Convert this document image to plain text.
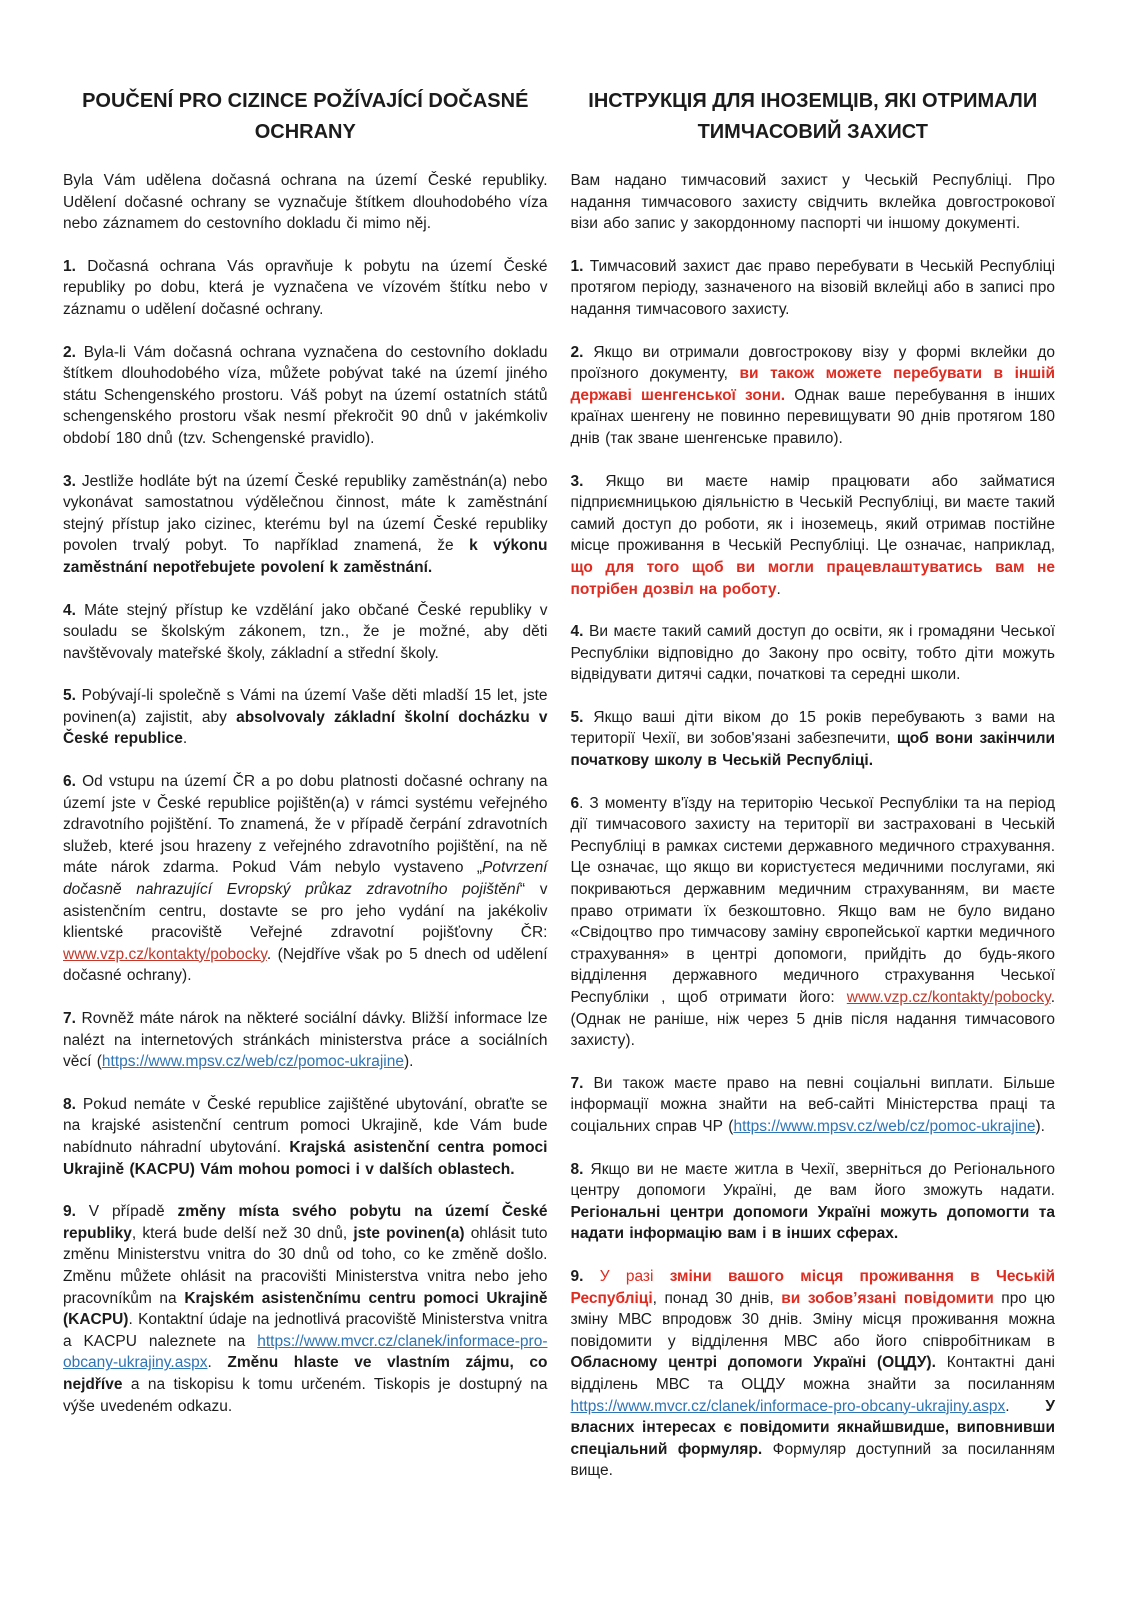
POUČENÍ PRO CIZINCE POŽÍVAJÍCÍ DOČASNÉ OCHRANY

Byla Vám udělena dočasná ochrana na území České republiky. Udělení dočasné ochrany se vyznačuje štítkem dlouhodobého víza nebo záznamem do cestovního dokladu či mimo něj.

1. Dočasná ochrana Vás opravňuje k pobytu na území České republiky po dobu, která je vyznačena ve vízovém štítku nebo v záznamu o udělení dočasné ochrany.

2. Byla-li Vám dočasná ochrana vyznačena do cestovního dokladu štítkem dlouhodobého víza, můžete pobývat také na území jiného státu Schengenského prostoru. Váš pobyt na území ostatních států schengenského prostoru však nesmí překročit 90 dnů v jakémkoliv období 180 dnů (tzv. Schengenské pravidlo).

3. Jestliže hodláte být na území České republiky zaměstnán(a) nebo vykonávat samostatnou výdělečnou činnost, máte k zaměstnání stejný přístup jako cizinec, kterému byl na území České republiky povolen trvalý pobyt. To například znamená, že k výkonu zaměstnání nepotřebujete povolení k zaměstnání.

4. Máte stejný přístup ke vzdělání jako občané České republiky v souladu se školským zákonem, tzn., že je možné, aby děti navštěvovaly mateřské školy, základní a střední školy.

5. Pobývají-li společně s Vámi na území Vaše děti mladší 15 let, jste povinen(a) zajistit, aby absolvovaly základní školní docházku v České republice.

6. Od vstupu na území ČR a po dobu platnosti dočasné ochrany na území jste v České republice pojištěn(a) v rámci systému veřejného zdravotního pojištění. To znamená, že v případě čerpání zdravotních služeb, které jsou hrazeny z veřejného zdravotního pojištění, na ně máte nárok zdarma. Pokud Vám nebylo vystaveno „Potvrzení dočasně nahrazující Evropský průkaz zdravotního pojištění“ v asistenčním centru, dostavte se pro jeho vydání na jakékoliv klientské pracoviště Veřejné zdravotní pojišťovny ČR: www.vzp.cz/kontakty/pobocky. (Nejdříve však po 5 dnech od udělení dočasné ochrany).

7. Rovněž máte nárok na některé sociální dávky. Bližší informace lze nalézt na internetových stránkách ministerstva práce a sociálních věcí (https://www.mpsv.cz/web/cz/pomoc-ukrajine).

8. Pokud nemáte v České republice zajištěné ubytování, obraťte se na krajské asistenční centrum pomoci Ukrajině, kde Vám bude nabídnuto náhradní ubytování. Krajská asistenční centra pomoci Ukrajině (KACPU) Vám mohou pomoci i v dalších oblastech.

9. V případě změny místa svého pobytu na území České republiky, která bude delší než 30 dnů, jste povinen(a) ohlásit tuto změnu Ministerstvu vnitra do 30 dnů od toho, co ke změně došlo. Změnu můžete ohlásit na pracovišti Ministerstva vnitra nebo jeho pracovníkům na Krajském asistenčnímu centru pomoci Ukrajině (KACPU). Kontaktní údaje na jednotlivá pracoviště Ministerstva vnitra a KACPU naleznete na https://www.mvcr.cz/clanek/informace-pro-obcany-ukrajiny.aspx. Změnu hlaste ve vlastním zájmu, co nejdříve a na tiskopisu k tomu určeném. Tiskopis je dostupný na výše uvedeném odkazu.

ІНСТРУКЦІЯ ДЛЯ ІНОЗЕМЦІВ, ЯКІ ОТРИМАЛИ ТИМЧАСОВИЙ ЗАХИСТ

Вам надано тимчасовий захист у Чеській Республіці. Про надання тимчасового захисту свідчить вклейка довгострокової візи або запис у закордонному паспорті чи іншому документі.

1. Тимчасовий захист дає право перебувати в Чеській Республіці протягом періоду, зазначеного на візовій вклейці або в записі про надання тимчасового захисту.

2. Якщо ви отримали довгострокову візу у формі вклейки до проїзного документу, ви також можете перебувати в іншій державі шенгенської зони. Однак ваше перебування в інших країнах шенгену не повинно перевищувати 90 днів протягом 180 днів (так зване шенгенське правило).

3. Якщо ви маєте намір працювати або займатися підприємницькою діяльністю в Чеській Республіці, ви маєте такий самий доступ до роботи, як і іноземець, який отримав постійне місце проживання в Чеській Республіці. Це означає, наприклад, що для того щоб ви могли працевлаштуватись вам не потрібен дозвіл на роботу.

4. Ви маєте такий самий доступ до освіти, як і громадяни Чеської Республіки відповідно до Закону про освіту, тобто діти можуть відвідувати дитячі садки, початкові та середні школи.

5. Якщо ваші діти віком до 15 років перебувають з вами на території Чехії, ви зобов'язані забезпечити, щоб вони закінчили початкову школу в Чеській Республіці.

6. З моменту в'їзду на територію Чеської Республіки та на період дії тимчасового захисту на території ви застраховані в Чеській Республіці в рамках системи державного медичного страхування. Це означає, що якщо ви користуєтеся медичними послугами, які покриваються державним медичним страхуванням, ви маєте право отримати їх безкоштовно. Якщо вам не було видано «Свідоцтво про тимчасову заміну європейської картки медичного страхування» в центрі допомоги, прийдіть до будь-якого відділення державного медичного страхування Чеської Республіки , щоб отримати його: www.vzp.cz/kontakty/pobocky. (Однак не раніше, ніж через 5 днів після надання тимчасового захисту).

7. Ви також маєте право на певні соціальні виплати. Більше інформації можна знайти на веб-сайті Міністерства праці та соціальних справ ЧР (https://www.mpsv.cz/web/cz/pomoc-ukrajine).

8. Якщо ви не маєте житла в Чехії, зверніться до Регіонального центру допомоги Україні, де вам його зможуть надати. Регіональні центри допомоги Україні можуть допомогти та надати інформацію вам і в інших сферах.

9. У разі зміни вашого місця проживання в Чеській Республіці, понад 30 днів, ви зобов’язані повідомити про цю зміну МВС впродовж 30 днів. Зміну місця проживання можна повідомити у відділення МВС або його співробітникам в Обласному центрі допомоги Україні (ОЦДУ). Контактні дані відділень МВС та ОЦДУ можна знайти за посиланням https://www.mvcr.cz/clanek/informace-pro-obcany-ukrajiny.aspx. У власних інтересах є повідомити якнайшвидше, виповнивши спеціальний формуляр. Формуляр доступний за посиланням вище.
